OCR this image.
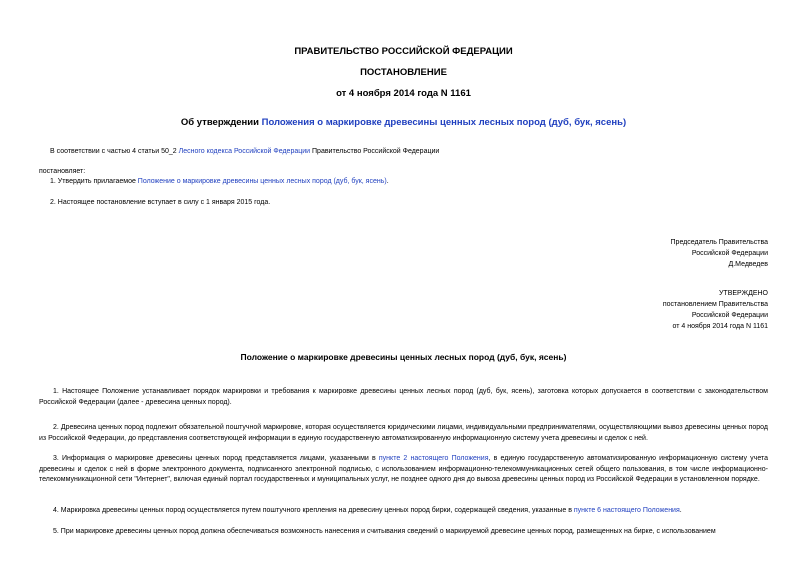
ПРАВИТЕЛЬСТВО РОССИЙСКОЙ ФЕДЕРАЦИИ
ПОСТАНОВЛЕНИЕ
от 4 ноября 2014 года N 1161
Об утверждении Положения о маркировке древесины ценных лесных пород (дуб, бук, ясень)
В соответствии с частью 4 статьи 50_2 Лесного кодекса Российской Федерации Правительство Российской Федерации
постановляет:
1. Утвердить прилагаемое Положение о маркировке древесины ценных лесных пород (дуб, бук, ясень).
2. Настоящее постановление вступает в силу с 1 января 2015 года.
Председатель Правительства
Российской Федерации
Д.Медведев
УТВЕРЖДЕНО
постановлением Правительства
Российской Федерации
от 4 ноября 2014 года N 1161
Положение о маркировке древесины ценных лесных пород (дуб, бук, ясень)
1. Настоящее Положение устанавливает порядок маркировки и требования к маркировке древесины ценных лесных пород (дуб, бук, ясень), заготовка которых допускается в соответствии с законодательством Российской Федерации (далее - древесина ценных пород).
2. Древесина ценных пород подлежит обязательной поштучной маркировке, которая осуществляется юридическими лицами, индивидуальными предпринимателями, осуществляющими вывоз древесины ценных пород из Российской Федерации, до представления соответствующей информации в единую государственную автоматизированную информационную систему учета древесины и сделок с ней.
3. Информация о маркировке древесины ценных пород представляется лицами, указанными в пункте 2 настоящего Положения, в единую государственную автоматизированную информационную систему учета древесины и сделок с ней в форме электронного документа, подписанного электронной подписью, с использованием информационно-телекоммуникационных сетей общего пользования, в том числе информационно-телекоммуникационной сети "Интернет", включая единый портал государственных и муниципальных услуг, не позднее одного дня до вывоза древесины ценных пород из Российской Федерации в установленном порядке.
4. Маркировка древесины ценных пород осуществляется путем поштучного крепления на древесину ценных пород бирки, содержащей сведения, указанные в пункте 6 настоящего Положения.
5. При маркировке древесины ценных пород должна обеспечиваться возможность нанесения и считывания сведений о маркируемой древесине ценных пород, размещенных на бирке, с использованием
